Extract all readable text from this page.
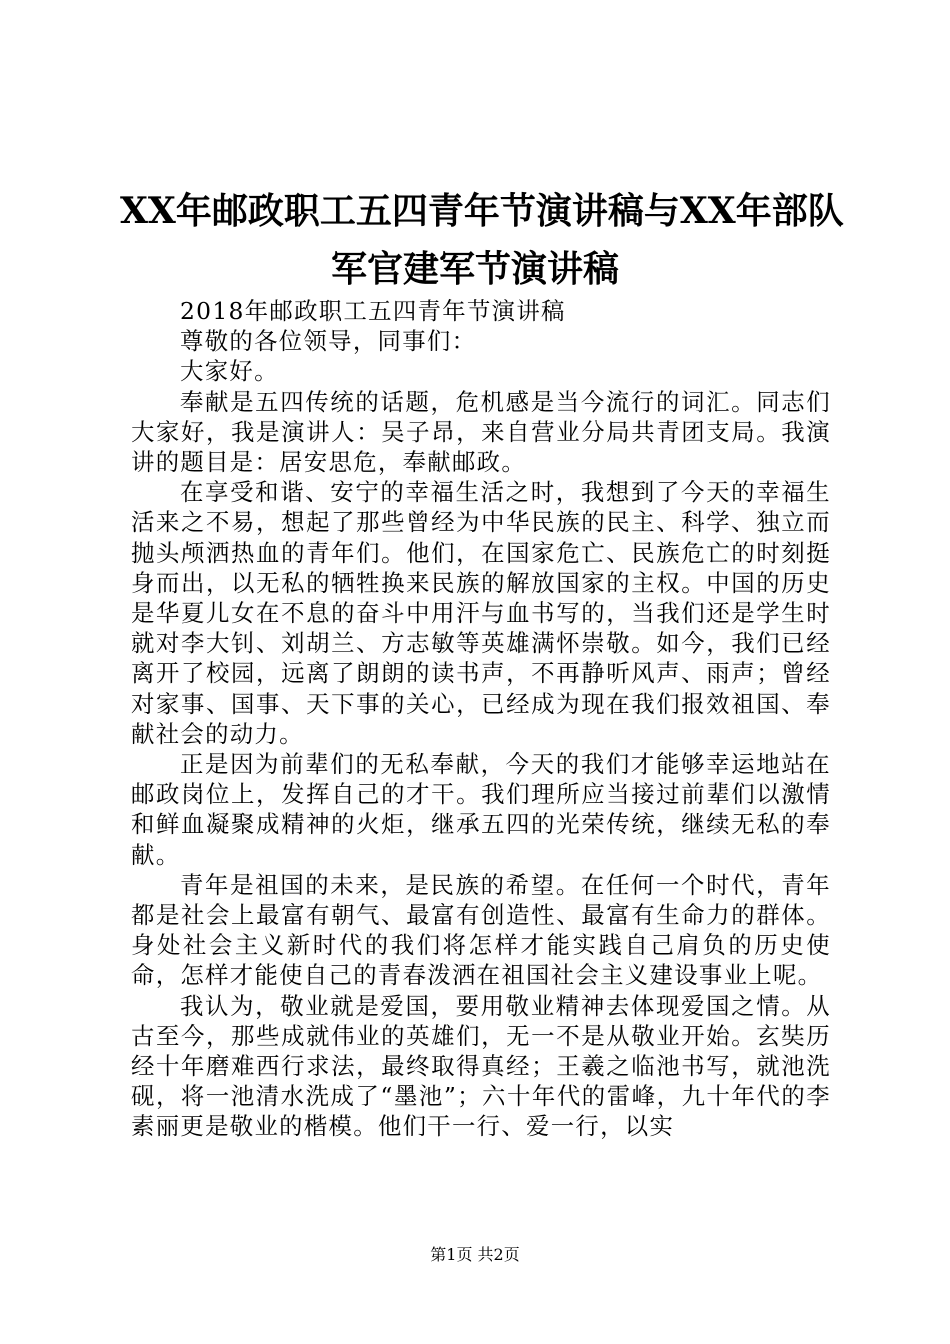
XX年邮政职工五四青年节演讲稿与XX年部队
军官建军节演讲稿

2018年邮政职工五四青年节演讲稿

尊敬的各位领导，同事们：

大家好。

奉献是五四传统的话题，危机感是当今流行的词汇。同志们大家好，我是演讲人：吴子昂，来自营业分局共青团支局。我演讲的题目是：居安思危，奉献邮政。

在享受和谐、安宁的幸福生活之时，我想到了今天的幸福生活来之不易，想起了那些曾经为中华民族的民主、科学、独立而抛头颅洒热血的青年们。他们，在国家危亡、民族危亡的时刻挺身而出，以无私的牺牲换来民族的解放国家的主权。中国的历史是华夏儿女在不息的奋斗中用汗与血书写的，当我们还是学生时就对李大钊、刘胡兰、方志敏等英雄满怀崇敬。如今，我们已经离开了校园，远离了朗朗的读书声，不再静听风声、雨声；曾经对家事、国事、天下事的关心，已经成为现在我们报效祖国、奉献社会的动力。

正是因为前辈们的无私奉献，今天的我们才能够幸运地站在邮政岗位上，发挥自己的才干。我们理所应当接过前辈们以激情和鲜血凝聚成精神的火炬，继承五四的光荣传统，继续无私的奉献。

青年是祖国的未来，是民族的希望。在任何一个时代，青年都是社会上最富有朝气、最富有创造性、最富有生命力的群体。身处社会主义新时代的我们将怎样才能实践自己肩负的历史使命，怎样才能使自己的青春泼洒在祖国社会主义建设事业上呢。

我认为，敬业就是爱国，要用敬业精神去体现爱国之情。从古至今，那些成就伟业的英雄们，无一不是从敬业开始。玄奘历经十年磨难西行求法，最终取得真经；王羲之临池书写，就池洗砚，将一池清水洗成了“墨池”；六十年代的雷峰，九十年代的李素丽更是敬业的楷模。他们干一行、爱一行，以实

第1页 共2页
